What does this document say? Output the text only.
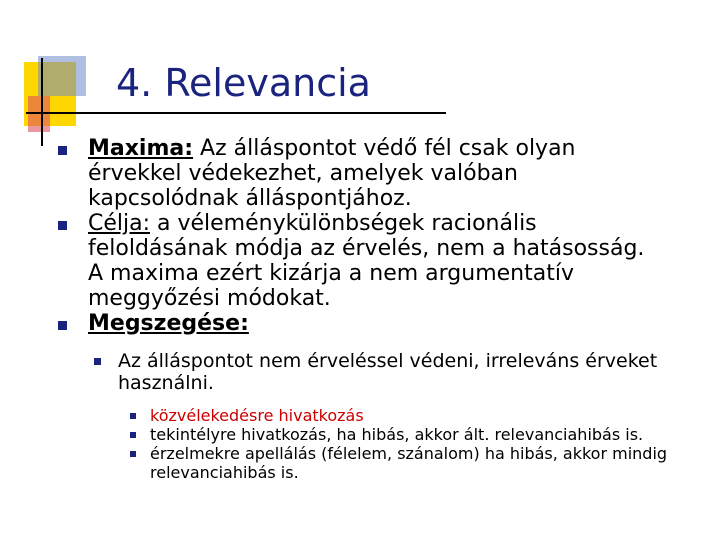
4. Relevancia
Maxima: Az álláspontot védő fél csak olyan érvekkel védekezhet, amelyek valóban kapcsolódnak álláspontjához.
Célja: a véleménykülönbségek racionális feloldásának módja az érvelés, nem a hatásosság. A maxima ezért kizárja a nem argumentatív meggyőzési módokat.
Megszegése:
Az álláspontot nem érveléssel védeni, irreleváns érveket használni.
közvélekedésre hivatkozás
tekintélyre hivatkozás, ha hibás, akkor ált. relevanciahibás is.
érzelmekre apellálás (félelem, szánalom) ha hibás, akkor mindig relevanciahibás is.
